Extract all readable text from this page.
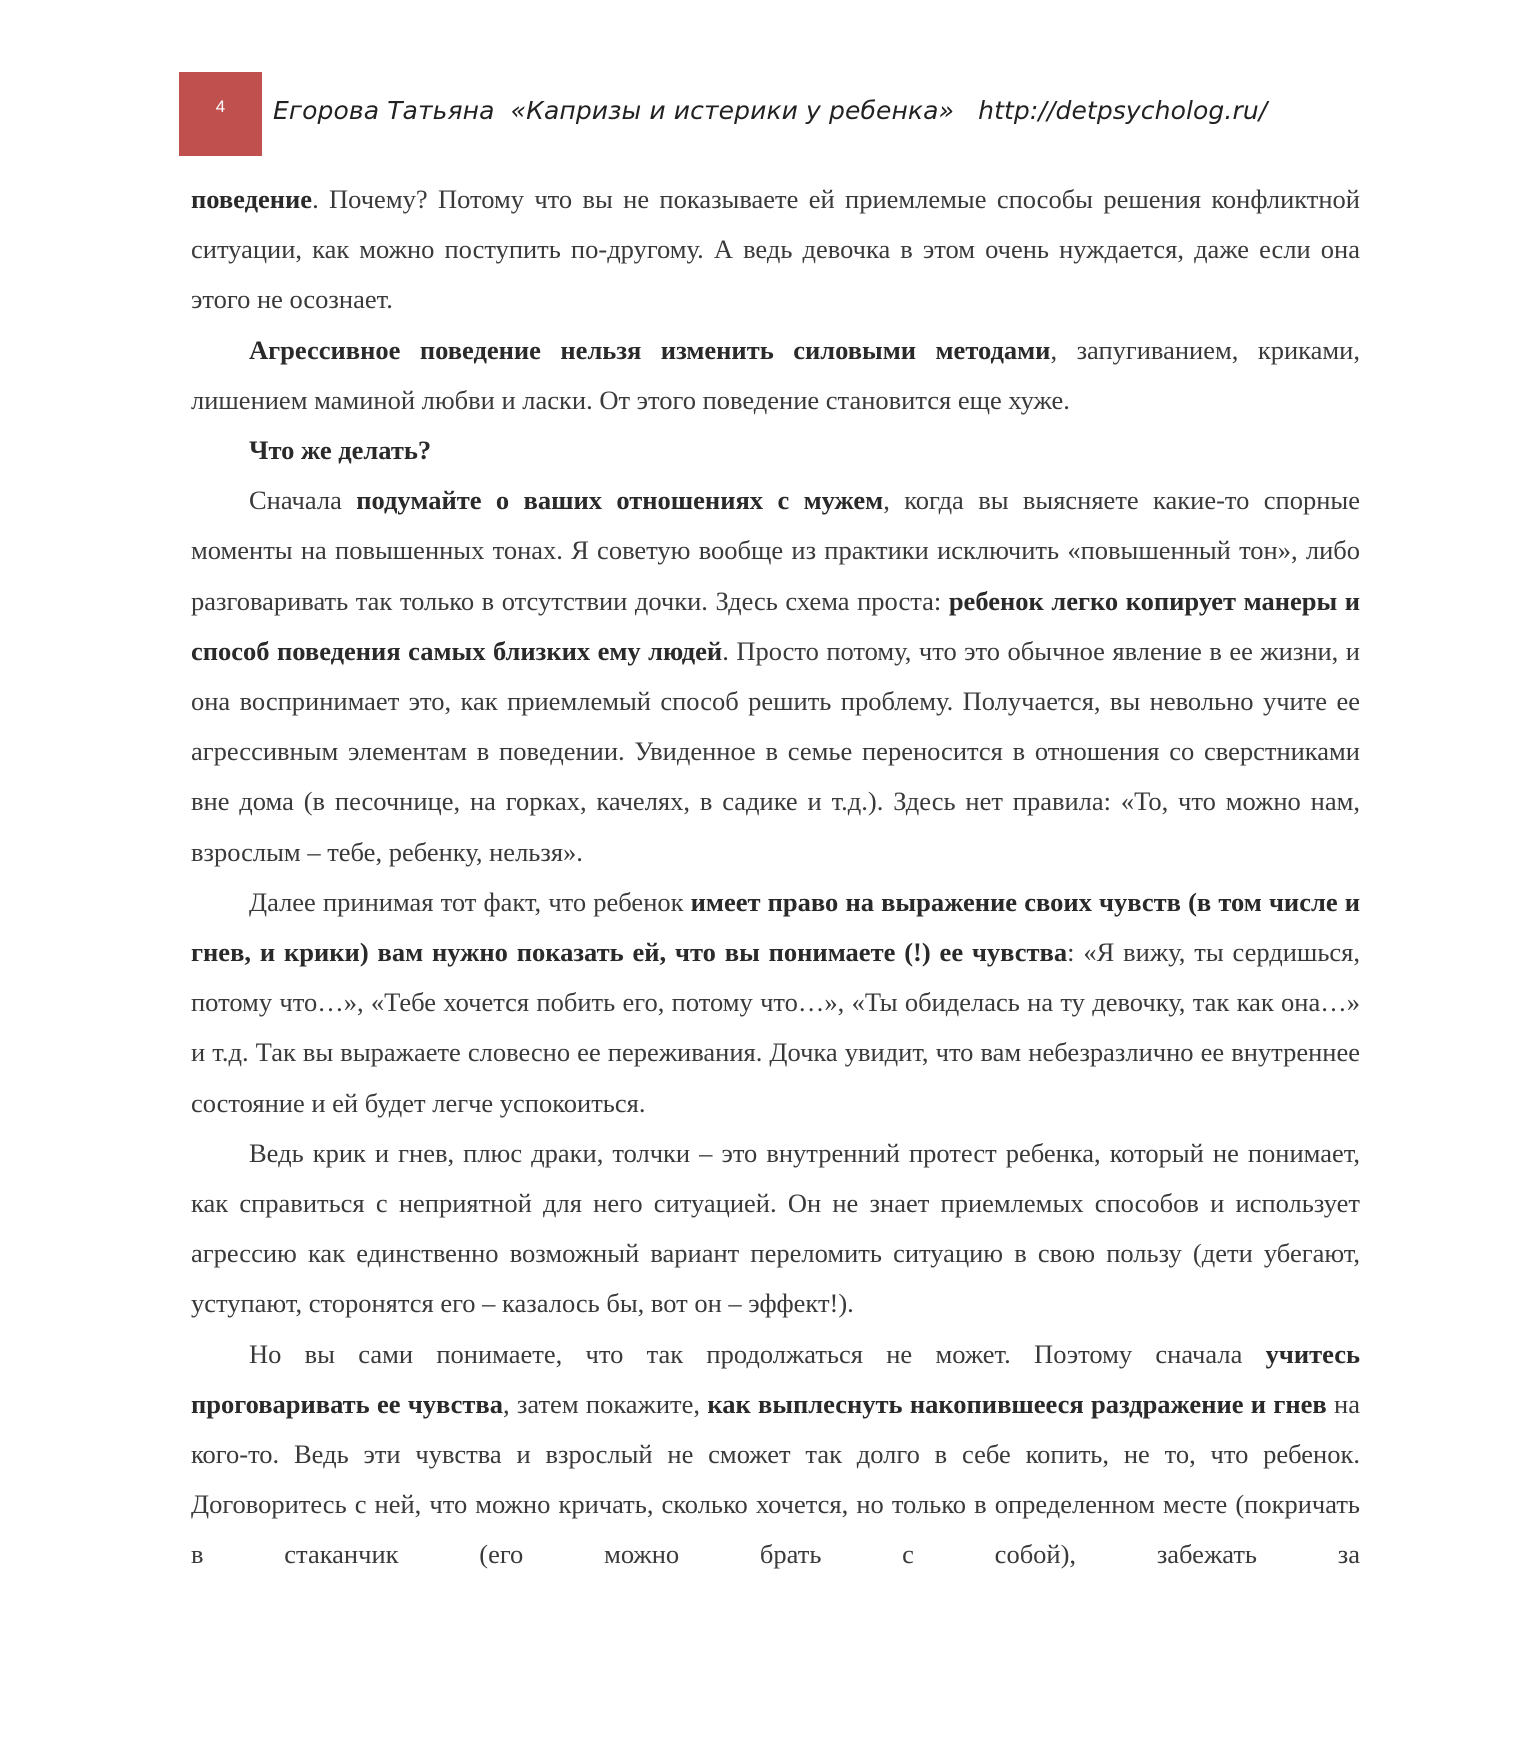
4 Егорова Татьяна  «Капризы и истерики у ребенка»   http://detpsycholog.ru/

поведение. Почему? Потому что вы не показываете ей приемлемые способы решения конфликтной ситуации, как можно поступить по-другому. А ведь девочка в этом очень нуждается, даже если она этого не осознает.

Агрессивное поведение нельзя изменить силовыми методами, запугиванием, криками, лишением маминой любви и ласки. От этого поведение становится еще хуже.

Что же делать?

Сначала подумайте о ваших отношениях с мужем, когда вы выясняете какие-то спорные моменты на повышенных тонах. Я советую вообще из практики исключить «повышенный тон», либо разговаривать так только в отсутствии дочки. Здесь схема проста: ребенок легко копирует манеры и способ поведения самых близких ему людей. Просто потому, что это обычное явление в ее жизни, и она воспринимает это, как приемлемый способ решить проблему. Получается, вы невольно учите ее агрессивным элементам в поведении. Увиденное в семье переносится в отношения со сверстниками вне дома (в песочнице, на горках, качелях, в садике и т.д.). Здесь нет правила: «То, что можно нам, взрослым – тебе, ребенку, нельзя».

Далее принимая тот факт, что ребенок имеет право на выражение своих чувств (в том числе и гнев, и крики) вам нужно показать ей, что вы понимаете (!) ее чувства: «Я вижу, ты сердишься, потому что…», «Тебе хочется побить его, потому что…», «Ты обиделась на ту девочку, так как она…» и т.д. Так вы выражаете словесно ее переживания. Дочка увидит, что вам небезразлично ее внутреннее состояние и ей будет легче успокоиться.

Ведь крик и гнев, плюс драки, толчки – это внутренний протест ребенка, который не понимает, как справиться с неприятной для него ситуацией. Он не знает приемлемых способов и использует агрессию как единственно возможный вариант переломить ситуацию в свою пользу (дети убегают, уступают, сторонятся его – казалось бы, вот он – эффект!).

Но вы сами понимаете, что так продолжаться не может. Поэтому сначала учитесь проговаривать ее чувства, затем покажите, как выплеснуть накопившееся раздражение и гнев на кого-то. Ведь эти чувства и взрослый не сможет так долго в себе копить, не то, что ребенок. Договоритесь с ней, что можно кричать, сколько хочется, но только в определенном месте (покричать в стаканчик (его можно брать с собой), забежать за
